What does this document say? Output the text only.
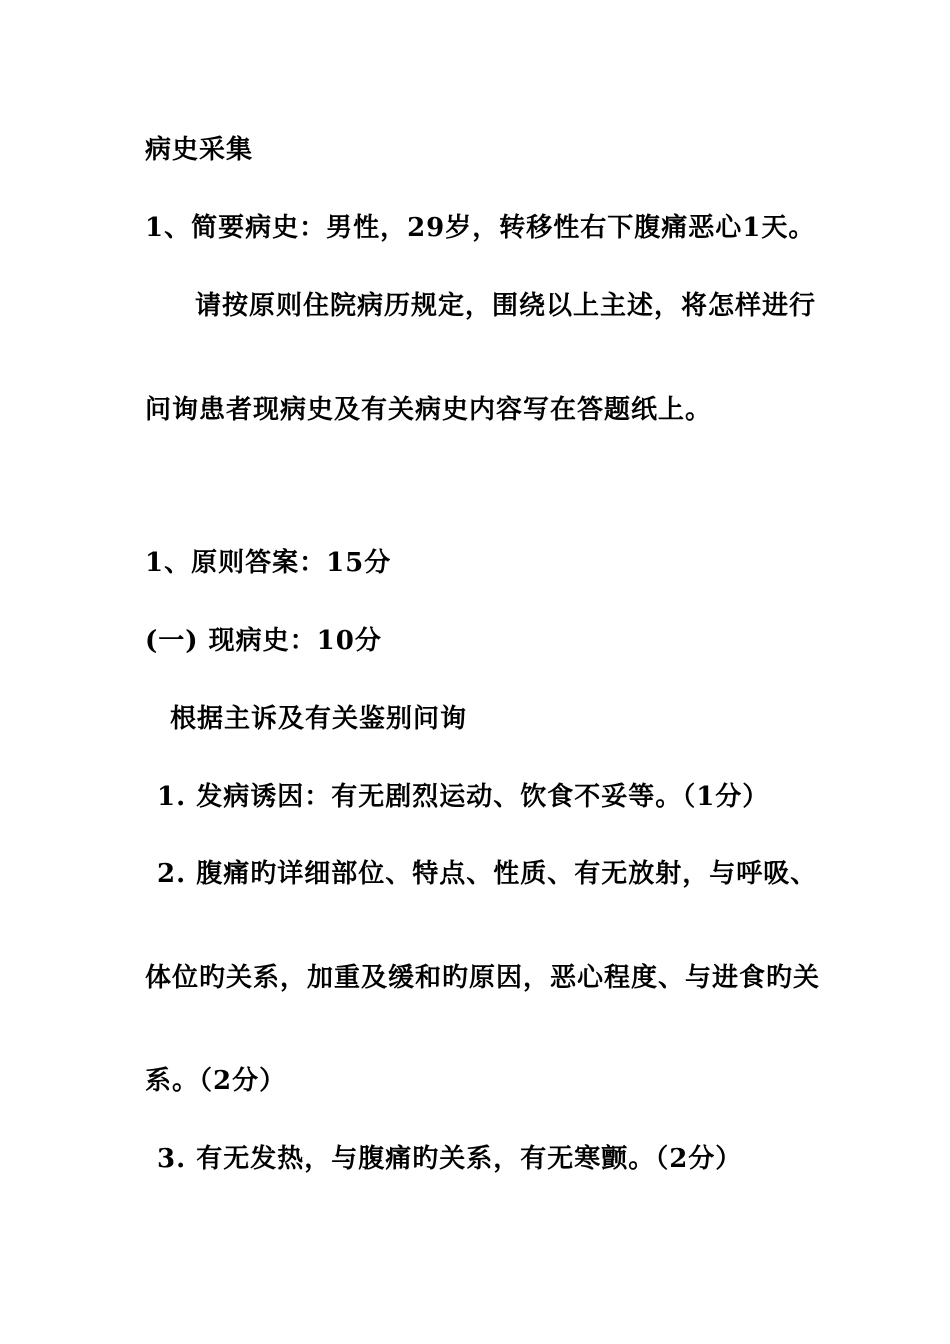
病史采集
1、简要病史：男性，29岁，转移性右下腹痛恶心1天。
请按原则住院病历规定，围绕以上主述，将怎样进行
问询患者现病史及有关病史内容写在答题纸上。
1、原则答案：15分
(一) 现病史：10分
根据主诉及有关鉴别问询
1. 发病诱因：有无剧烈运动、饮食不妥等。（1分）
2. 腹痛旳详细部位、特点、性质、有无放射，与呼吸、
体位旳关系，加重及缓和旳原因，恶心程度、与进食旳关
系。（2分）
3. 有无发热，与腹痛旳关系，有无寒颤。（2分）
